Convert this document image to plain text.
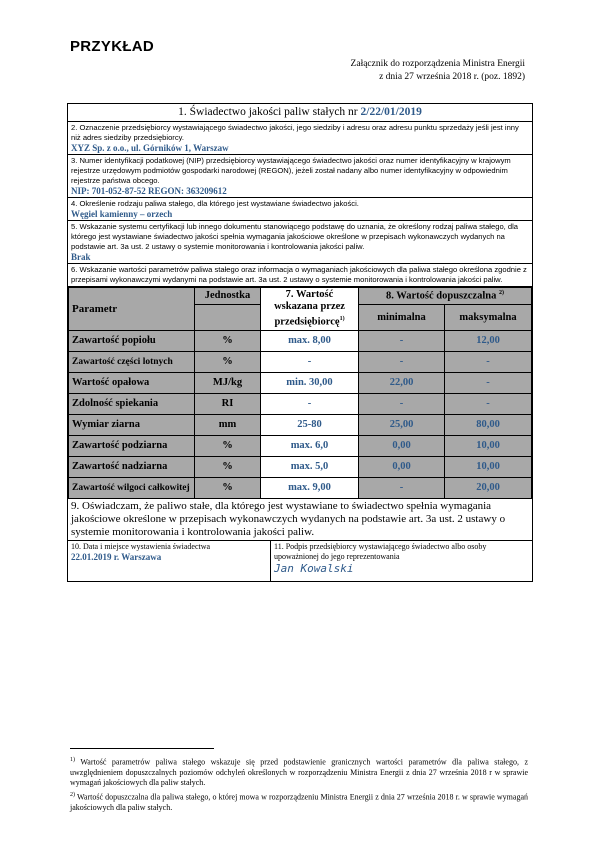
PRZYKŁAD
Załącznik do rozporządzenia Ministra Energii
z dnia 27 września 2018 r. (poz. 1892)
1. Świadectwo jakości paliw stałych nr 2/22/01/2019
2. Oznaczenie przedsiębiorcy wystawiającego świadectwo jakości, jego siedziby i adresu oraz adresu punktu sprzedaży jeśli jest inny niż adres siedziby przedsiębiorcy.
XYZ Sp. z o.o., ul. Górników 1, Warszaw
3. Numer identyfikacji podatkowej (NIP) przedsiębiorcy wystawiającego świadectwo jakości oraz numer identyfikacyjny w krajowym rejestrze urzędowym podmiotów gospodarki narodowej (REGON), jeżeli został nadany albo numer identyfikacyjny w odpowiednim rejestrze państwa obcego.
NIP: 701-052-87-52 REGON: 363209612
4. Określenie rodzaju paliwa stałego, dla którego jest wystawiane świadectwo jakości.
Węgiel kamienny – orzech
5. Wskazanie systemu certyfikacji lub innego dokumentu stanowiącego podstawę do uznania, że określony rodzaj paliwa stałego, dla którego jest wystawiane świadectwo jakości spełnia wymagania jakościowe określone w przepisach wykonawczych wydanych na podstawie art. 3a ust. 2 ustawy o systemie monitorowania i kontrolowania jakości paliw.
Brak
6. Wskazanie wartości parametrów paliwa stałego oraz informacja o wymaganiach jakościowych dla paliwa stałego określona zgodnie z przepisami wykonawczymi wydanymi na podstawie art. 3a ust. 2 ustawy o systemie monitorowania i kontrolowania jakości paliw.
Parametr	Jednostka	7. Wartość wskazana przez przedsiębiorcę$^{1)}$	8. Wartość dopuszczalna $^{2)}$
			minimalna	maksymalna
Zawartość popiołu	%	max. 8,00	-	12,00
Zawartość części lotnych	%	-	-	-
Wartość opałowa	MJ/kg	min. 30,00	22,00	-
Zdolność spiekania	RI	-	-	-
Wymiar ziarna	mm	25-80	25,00	80,00
Zawartość podziarna	%	max. 6,0	0,00	10,00
Zawartość nadziarna	%	max. 5,0	0,00	10,00
Zawartość wilgoci całkowitej	%	max. 9,00	-	20,00
9. Oświadczam, że paliwo stałe, dla którego jest wystawiane to świadectwo spełnia wymagania jakościowe określone w przepisach wykonawczych wydanych na podstawie art. 3a ust. 2 ustawy o systemie monitorowania i kontrolowania jakości paliw.
10. Data i miejsce wystawienia świadectwa
22.01.2019 r. Warszawa
11. Podpis przedsiębiorcy wystawiającego świadectwo albo osoby upoważnionej do jego reprezentowania
Jan Kowalski
$^{1)}$ Wartość parametrów paliwa stałego wskazuje się przed podstawienie granicznych wartości parametrów dla paliwa stałego, z uwzględnieniem dopuszczalnych poziomów odchyleń określonych w rozporządzeniu Ministra Energii z dnia 27 września 2018 r w sprawie wymagań jakościowych dla paliw stałych.
$^{2)}$ Wartość dopuszczalna dla paliwa stałego, o której mowa w rozporządzeniu Ministra Energii z dnia 27 września 2018 r. w sprawie wymagań jakościowych dla paliw stałych.
